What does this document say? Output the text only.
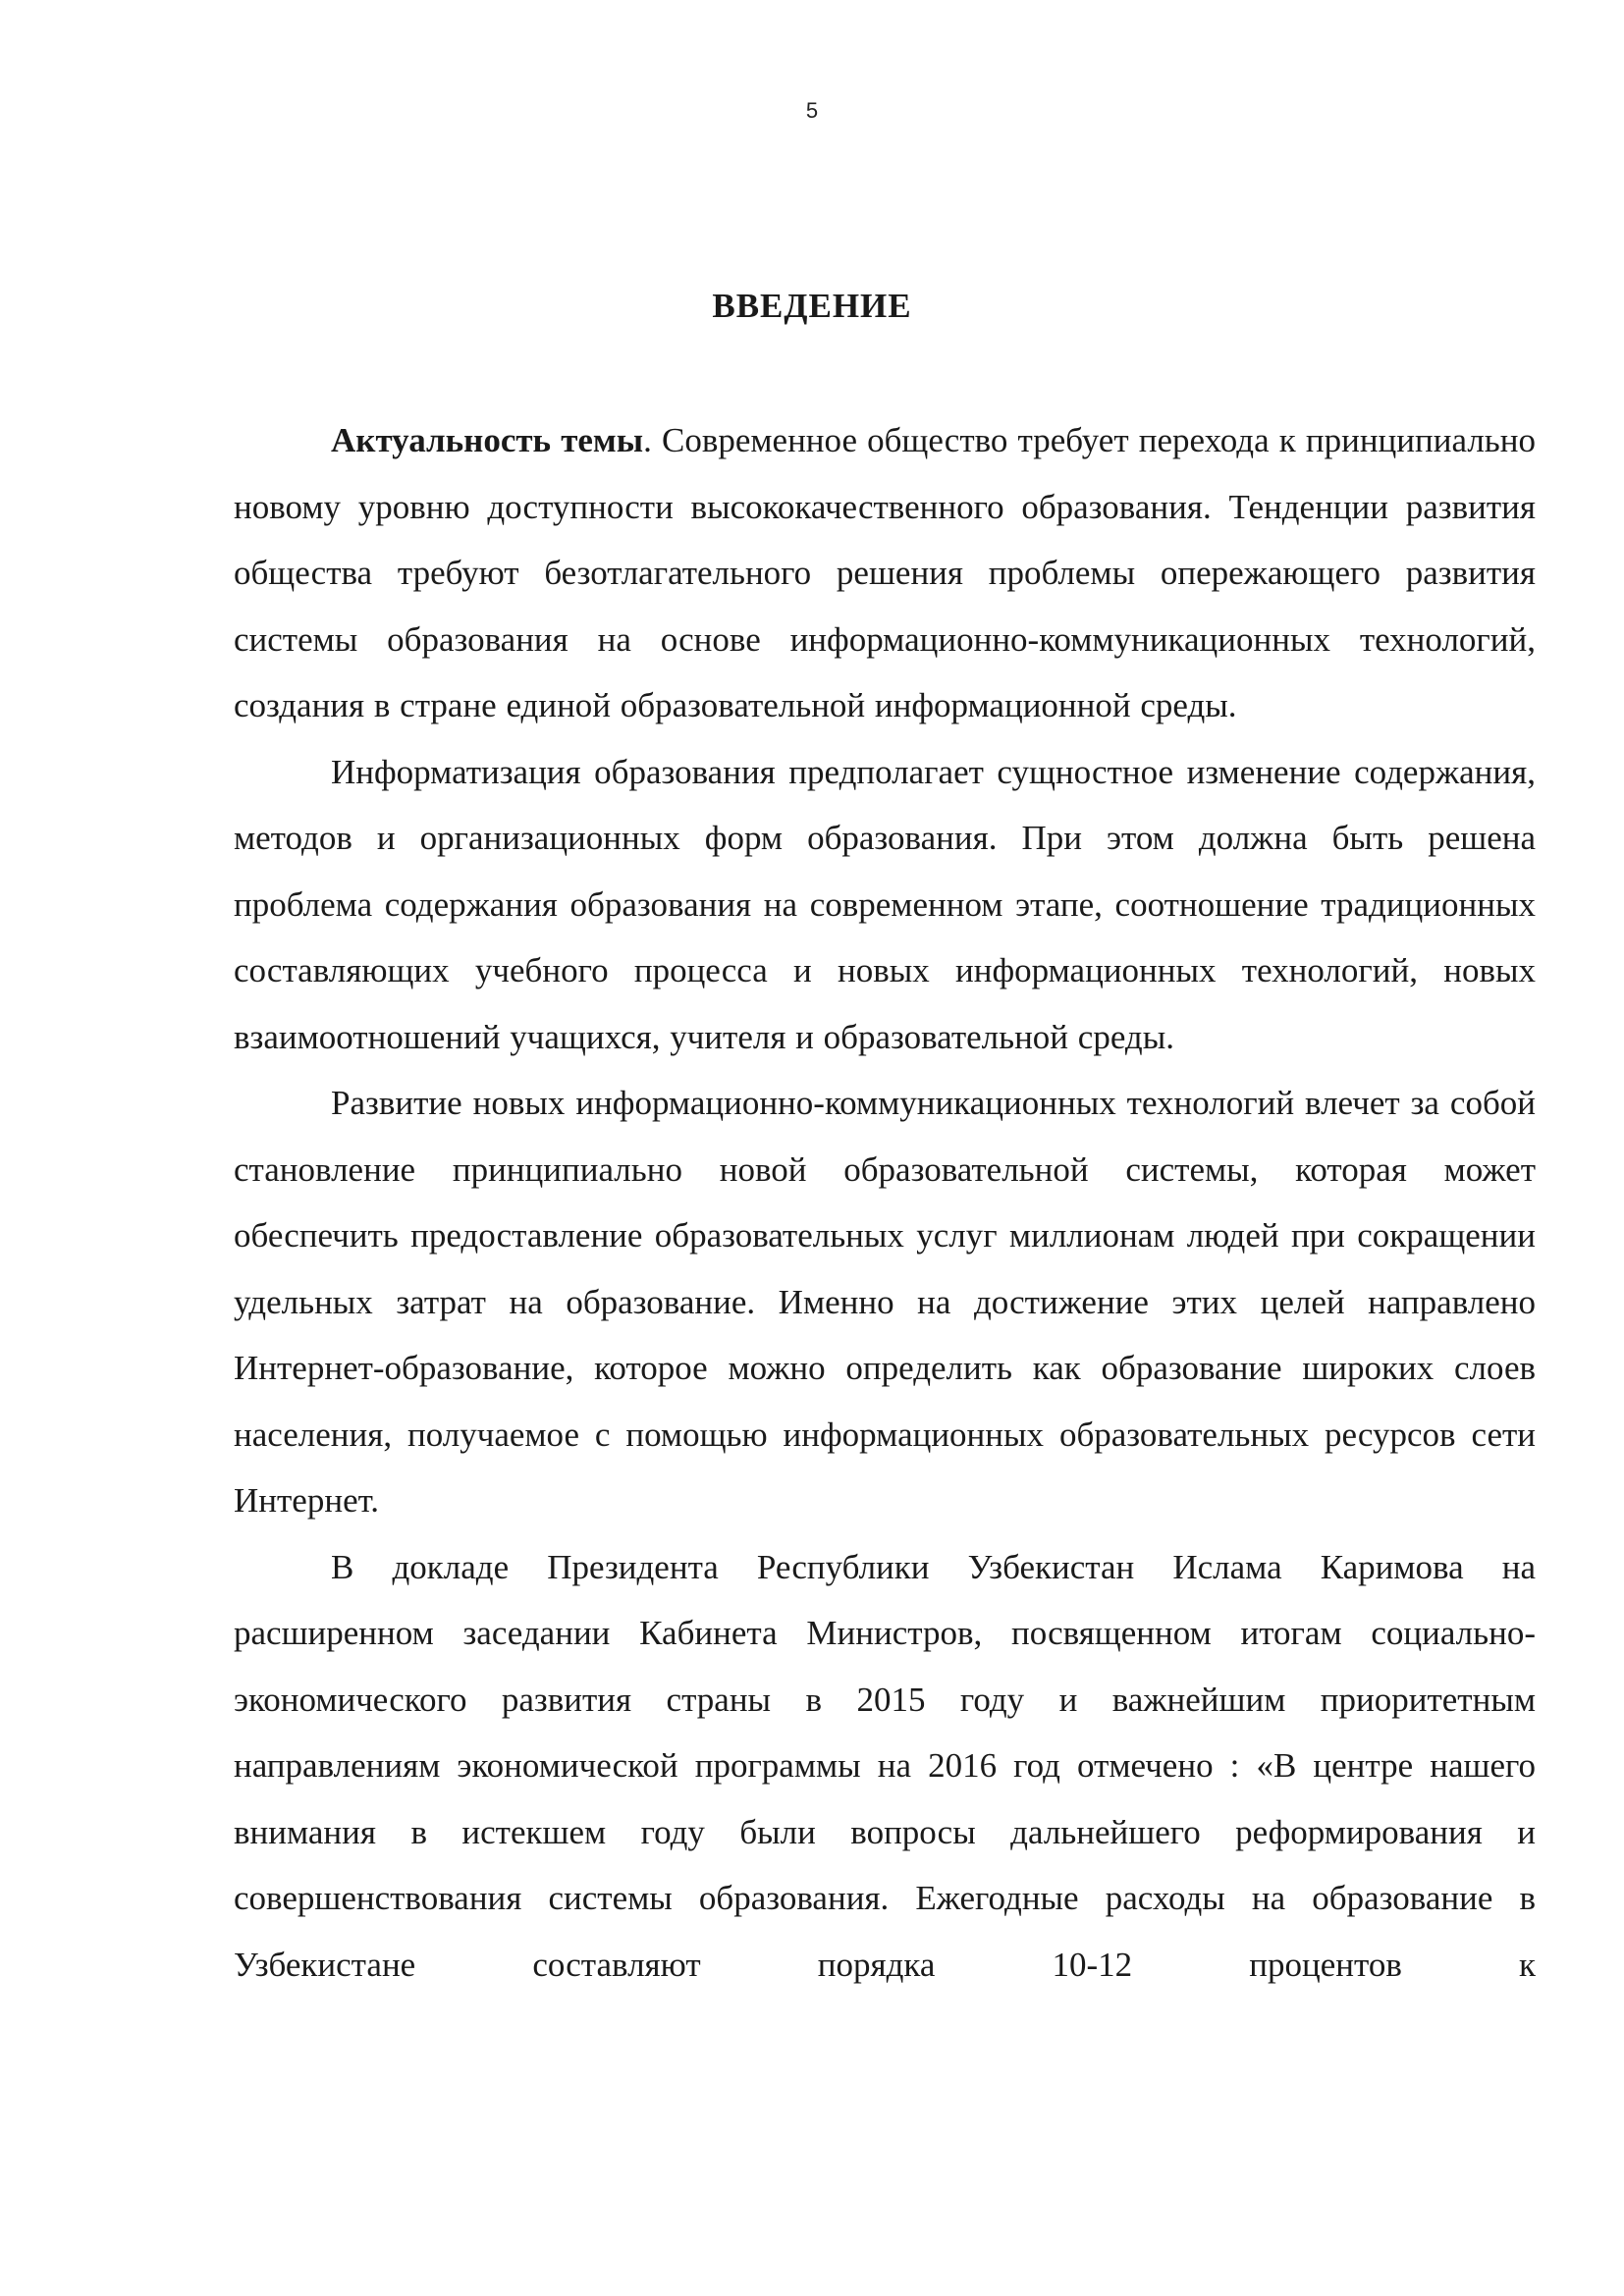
5
ВВЕДЕНИЕ

Актуальность темы. Современное общество требует перехода к принципиально новому уровню доступности высококачественного образования. Тенденции развития общества требуют безотлагательного решения проблемы опережающего развития системы образования на основе информационно-коммуникационных технологий, создания в стране единой образовательной информационной среды.

Информатизация образования предполагает сущностное изменение содержания, методов и организационных форм образования. При этом должна быть решена проблема содержания образования на современном этапе, соотношение традиционных составляющих учебного процесса и новых информационных технологий, новых взаимоотношений учащихся, учителя и образовательной среды.

Развитие новых информационно-коммуникационных технологий влечет за собой становление принципиально новой образовательной системы, которая может обеспечить предоставление образовательных услуг миллионам людей при сокращении удельных затрат на образование. Именно на достижение этих целей направлено Интернет-образование, которое можно определить как образование широких слоев населения, получаемое с помощью информационных образовательных ресурсов сети Интернет.

В докладе Президента Республики Узбекистан Ислама Каримова на расширенном заседании Кабинета Министров, посвященном итогам социально-экономического развития страны в 2015 году и важнейшим приоритетным направлениям экономической программы на 2016 год отмечено : «В центре нашего внимания в истекшем году были вопросы дальнейшего реформирования и совершенствования системы образования. Ежегодные расходы на образование в Узбекистане составляют порядка 10-12 процентов к
